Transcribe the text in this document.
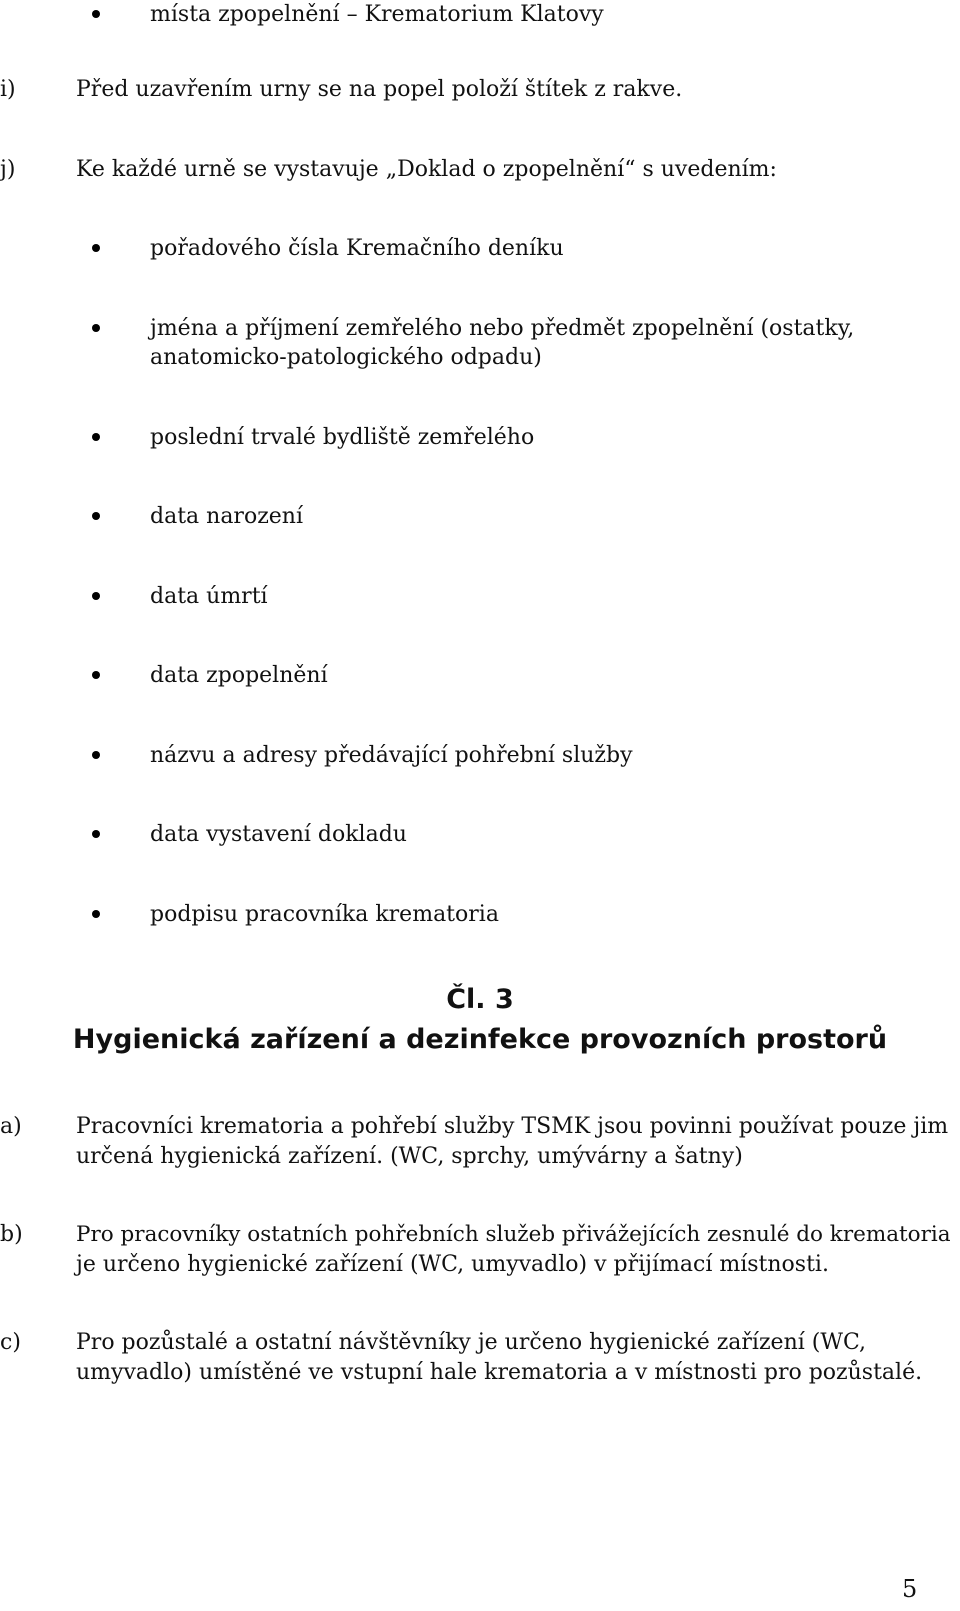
místa zpopelnění – Krematorium Klatovy
i)	Před uzavřením urny se na popel položí štítek z rakve.
j)	Ke každé urně se vystavuje „Doklad o zpopelnění“ s uvedením:
pořadového čísla Kremačního deníku
jména a příjmení zemřelého nebo předmět zpopelnění (ostatky,
anatomicko-patologického odpadu)
poslední trvalé bydliště zemřelého
data narození
data úmrtí
data zpopelnění
názvu a adresy předávající pohřební služby
data vystavení dokladu
podpisu pracovníka krematoria
Čl. 3
Hygienická zařízení a dezinfekce provozních prostorů
a) Pracovníci krematoria a pohřebí služby TSMK jsou povinni používat pouze jim
určená hygienická zařízení. (WC, sprchy, umývárny a šatny)
b) Pro pracovníky ostatních pohřebních služeb přivážejících zesnulé do krematoria
je určeno hygienické zařízení (WC, umyvadlo) v přijímací místnosti.
c)	Pro pozůstalé a ostatní návštěvníky je určeno hygienické zařízení (WC,
umyvadlo) umístěné ve vstupní hale krematoria a v místnosti pro pozůstalé.
5
